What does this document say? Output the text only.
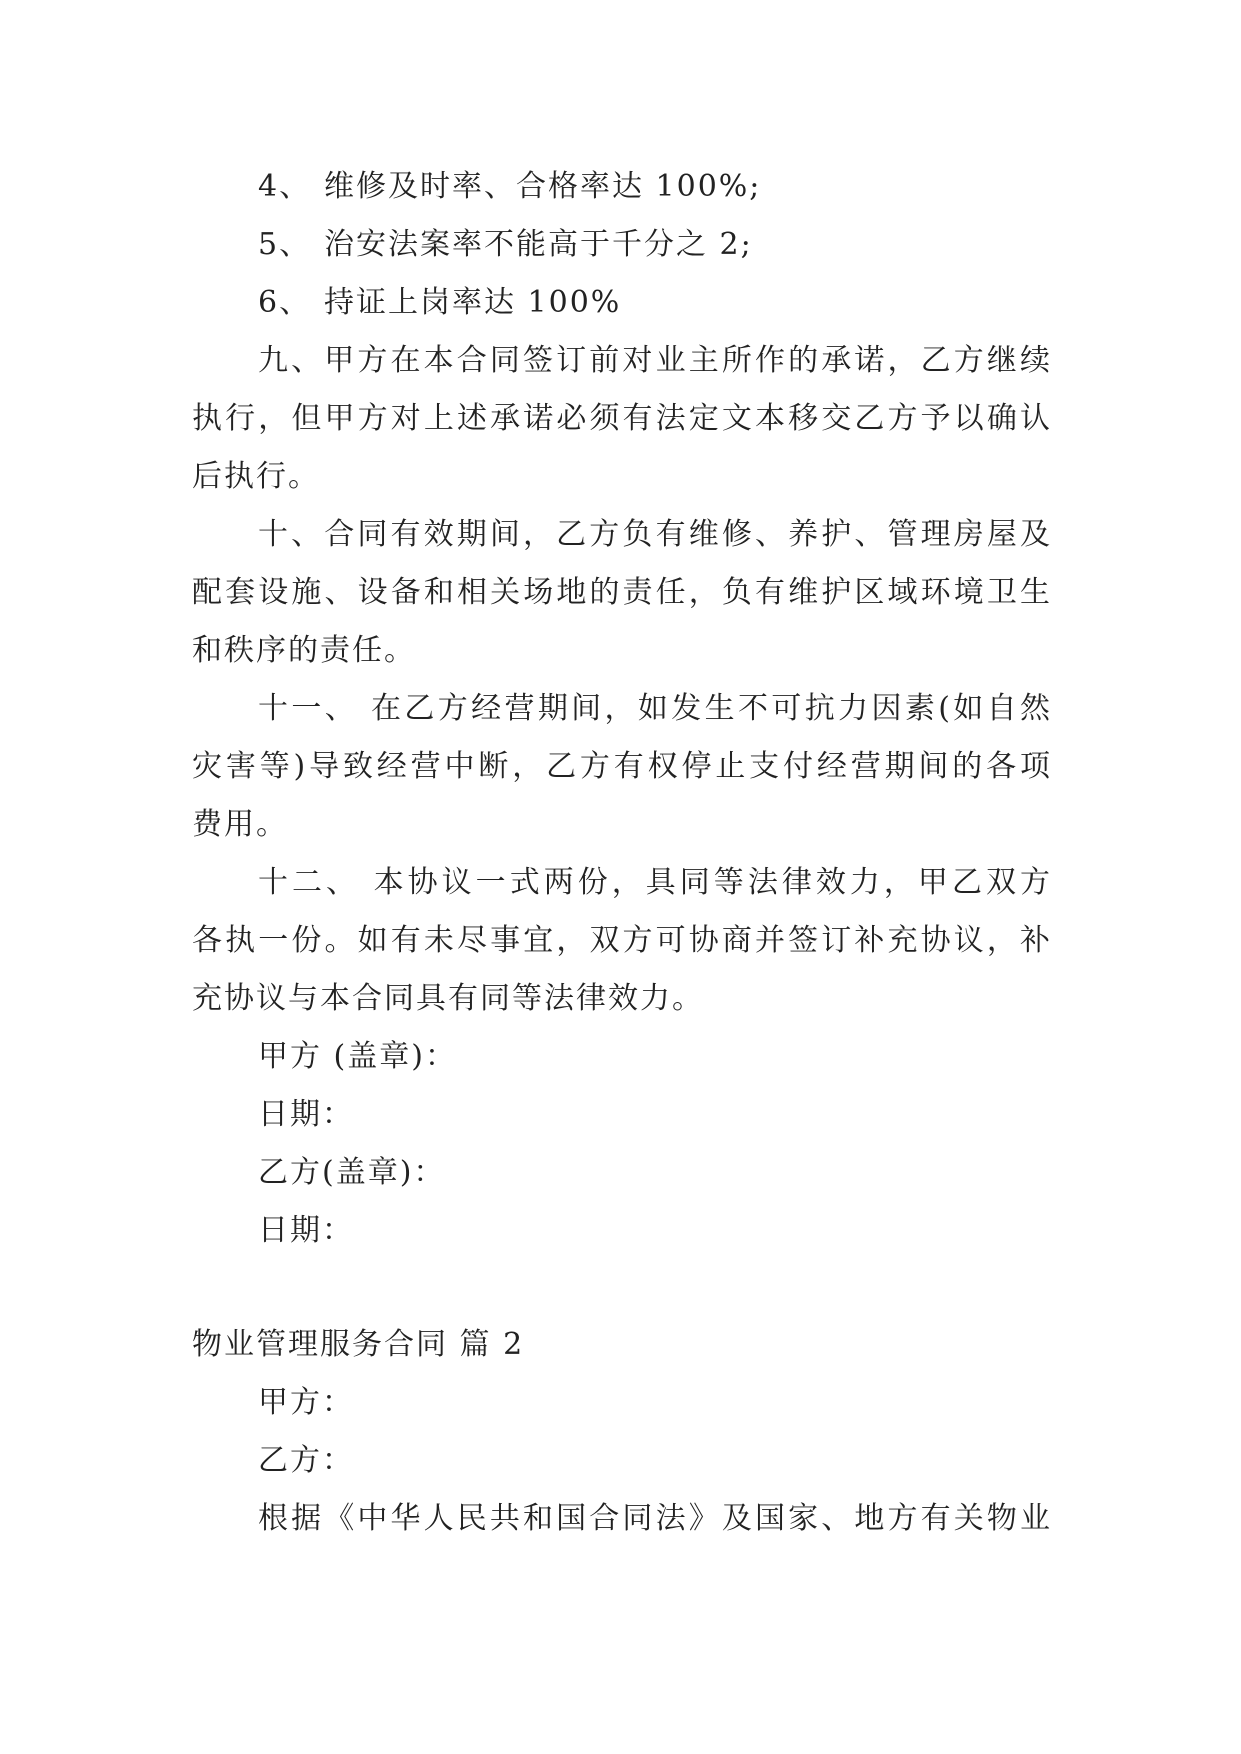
4、 维修及时率、合格率达 100%;
5、 治安法案率不能高于千分之 2;
6、 持证上岗率达 100%
九、甲方在本合同签订前对业主所作的承诺，乙方继续
执行，但甲方对上述承诺必须有法定文本移交乙方予以确认
后执行。
十、合同有效期间，乙方负有维修、养护、管理房屋及
配套设施、设备和相关场地的责任，负有维护区域环境卫生
和秩序的责任。
十一、 在乙方经营期间，如发生不可抗力因素(如自然
灾害等)导致经营中断，乙方有权停止支付经营期间的各项
费用。
十二、 本协议一式两份，具同等法律效力，甲乙双方
各执一份。如有未尽事宜，双方可协商并签订补充协议，补
充协议与本合同具有同等法律效力。
甲方 (盖章)：
日期：
乙方(盖章)：
日期：
物业管理服务合同 篇 2
甲方：
乙方：
根据《中华人民共和国合同法》及国家、地方有关物业
